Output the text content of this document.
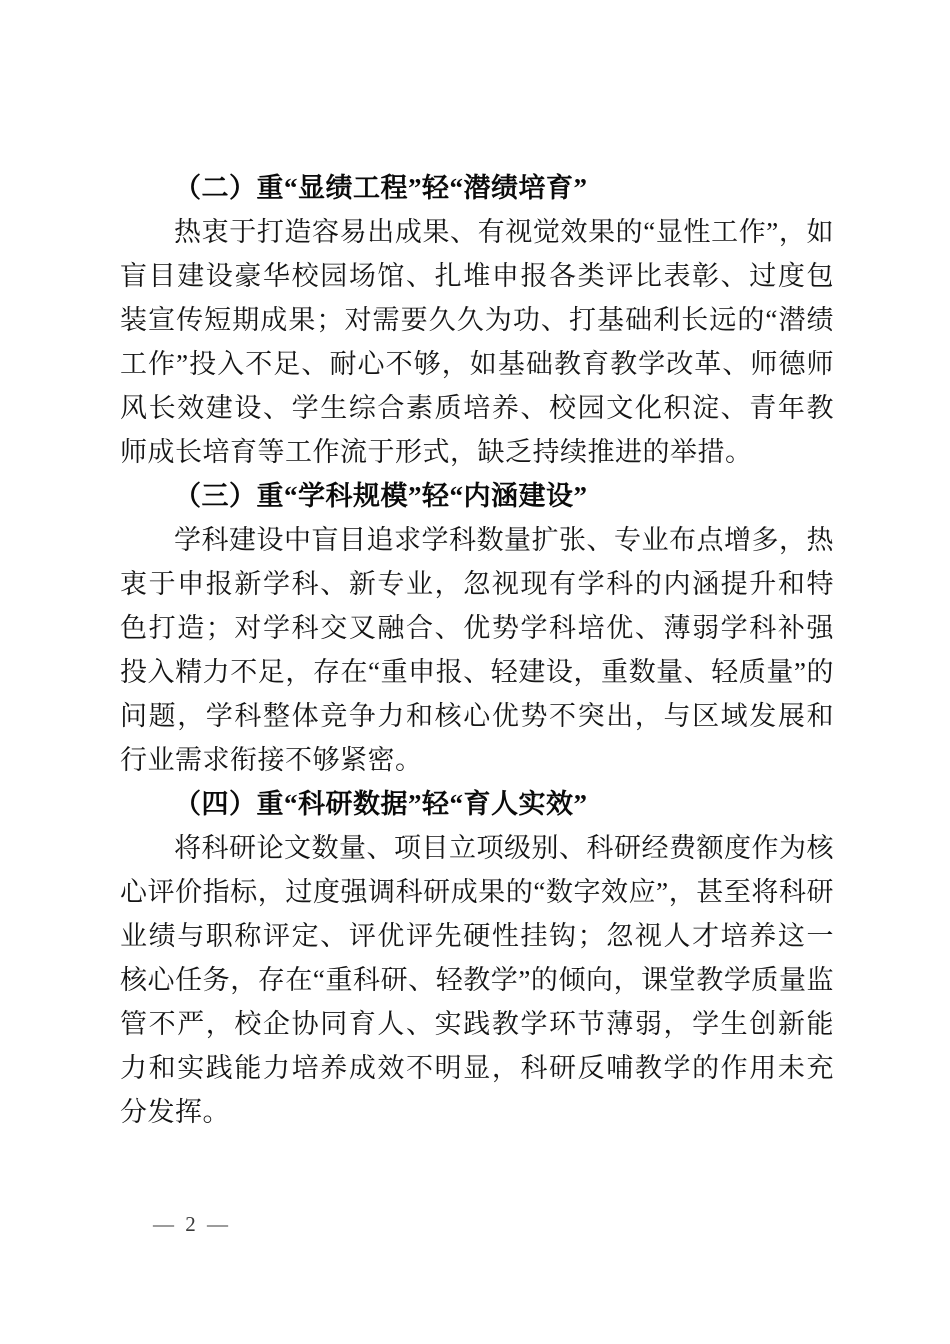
（二）重“显绩工程”轻“潜绩培育”

热衷于打造容易出成果、有视觉效果的“显性工作”，如盲目建设豪华校园场馆、扎堆申报各类评比表彰、过度包装宣传短期成果；对需要久久为功、打基础利长远的“潜绩工作”投入不足、耐心不够，如基础教育教学改革、师德师风长效建设、学生综合素质培养、校园文化积淀、青年教师成长培育等工作流于形式，缺乏持续推进的举措。

（三）重“学科规模”轻“内涵建设”

学科建设中盲目追求学科数量扩张、专业布点增多，热衷于申报新学科、新专业，忽视现有学科的内涵提升和特色打造；对学科交叉融合、优势学科培优、薄弱学科补强投入精力不足，存在“重申报、轻建设，重数量、轻质量”的问题，学科整体竞争力和核心优势不突出，与区域发展和行业需求衔接不够紧密。

（四）重“科研数据”轻“育人实效”

将科研论文数量、项目立项级别、科研经费额度作为核心评价指标，过度强调科研成果的“数字效应”，甚至将科研业绩与职称评定、评优评先硬性挂钩；忽视人才培养这一核心任务，存在“重科研、轻教学”的倾向，课堂教学质量监管不严，校企协同育人、实践教学环节薄弱，学生创新能力和实践能力培养成效不明显，科研反哺教学的作用未充分发挥。

— 2 —
